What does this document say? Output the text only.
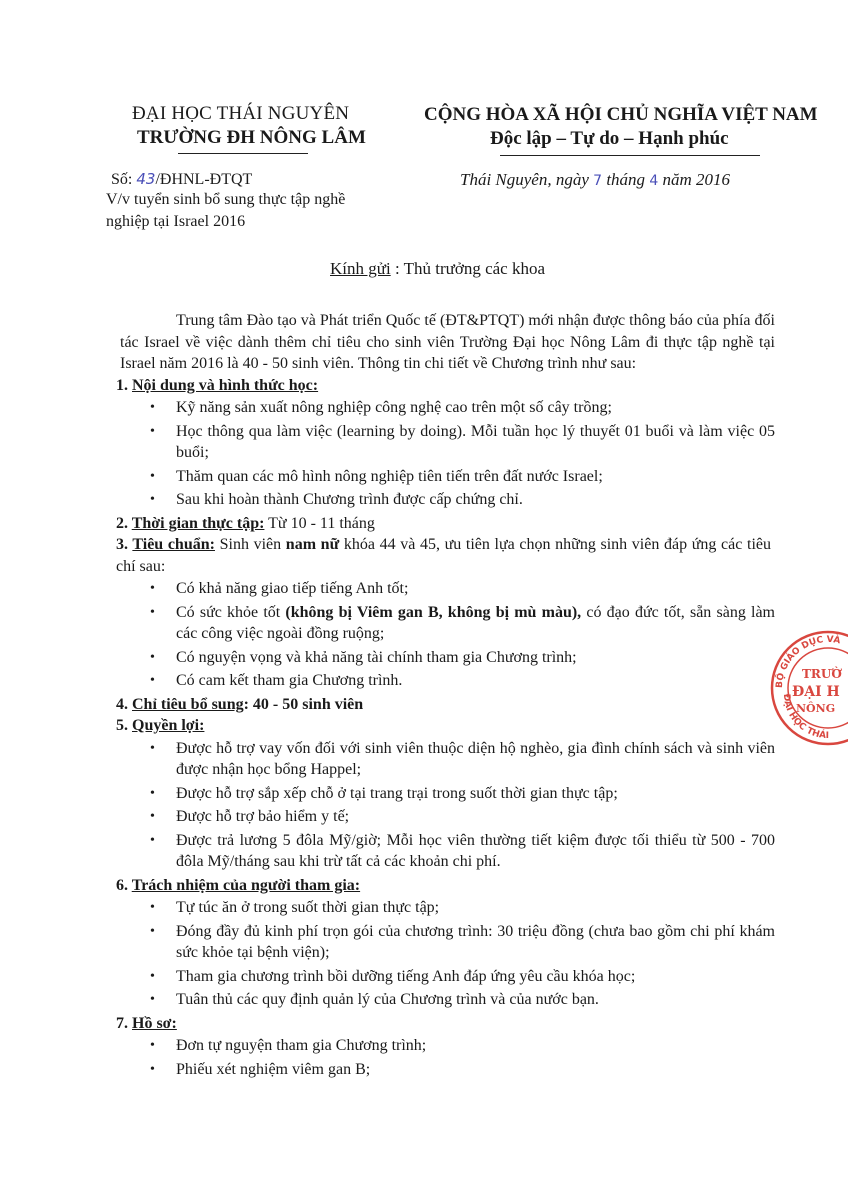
ĐẠI HỌC THÁI NGUYÊN
TRƯỜNG ĐH NÔNG LÂM
CỘNG HÒA XÃ HỘI CHỦ NGHĨA VIỆT NAM
Độc lập – Tự do – Hạnh phúc
Số: 43/ĐHNL-ĐTQT
V/v tuyển sinh bổ sung thực tập nghề nghiệp tại Israel 2016
Thái Nguyên, ngày 7 tháng 4 năm 2016
Kính gửi : Thủ trưởng các khoa

Trung tâm Đào tạo và Phát triển Quốc tế (ĐT&PTQT) mới nhận được thông báo của phía đối tác Israel về việc dành thêm chỉ tiêu cho sinh viên Trường Đại học Nông Lâm đi thực tập nghề tại Israel năm 2016 là 40 - 50 sinh viên. Thông tin chi tiết về Chương trình như sau:

1. Nội dung và hình thức học:

• Kỹ năng sản xuất nông nghiệp công nghệ cao trên một số cây trồng;
• Học thông qua làm việc (learning by doing). Mỗi tuần học lý thuyết 01 buổi và làm việc 05 buổi;
• Thăm quan các mô hình nông nghiệp tiên tiến trên đất nước Israel;
• Sau khi hoàn thành Chương trình được cấp chứng chỉ.

2. Thời gian thực tập: Từ 10 - 11 tháng

3. Tiêu chuẩn: Sinh viên nam nữ khóa 44 và 45, ưu tiên lựa chọn những sinh viên đáp ứng các tiêu chí sau:

• Có khả năng giao tiếp tiếng Anh tốt;
• Có sức khỏe tốt (không bị Viêm gan B, không bị mù màu), có đạo đức tốt, sẵn sàng làm các công việc ngoài đồng ruộng;
• Có nguyện vọng và khả năng tài chính tham gia Chương trình;
• Có cam kết tham gia Chương trình.

4. Chỉ tiêu bổ sung: 40 - 50 sinh viên

5. Quyền lợi:

• Được hỗ trợ vay vốn đối với sinh viên thuộc diện hộ nghèo, gia đình chính sách và sinh viên được nhận học bổng Happel;
• Được hỗ trợ sắp xếp chỗ ở tại trang trại trong suốt thời gian thực tập;
• Được hỗ trợ bảo hiểm y tế;
• Được trả lương 5 đôla Mỹ/giờ; Mỗi học viên thường tiết kiệm được tối thiểu từ 500 - 700 đôla Mỹ/tháng sau khi trừ tất cả các khoản chi phí.

6. Trách nhiệm của người tham gia:

• Tự túc ăn ở trong suốt thời gian thực tập;
• Đóng đầy đủ kinh phí trọn gói của chương trình: 30 triệu đồng (chưa bao gồm chi phí khám sức khỏe tại bệnh viện);
• Tham gia chương trình bồi dưỡng tiếng Anh đáp ứng yêu cầu khóa học;
• Tuân thủ các quy định quản lý của Chương trình và của nước bạn.

7. Hồ sơ:

• Đơn tự nguyện tham gia Chương trình;
• Phiếu xét nghiệm viêm gan B;
BỘ GIÁO DỤC VÀ
ĐẠI HỌC THÁI
TRƯỜ
ĐẠI H
NÔNG
